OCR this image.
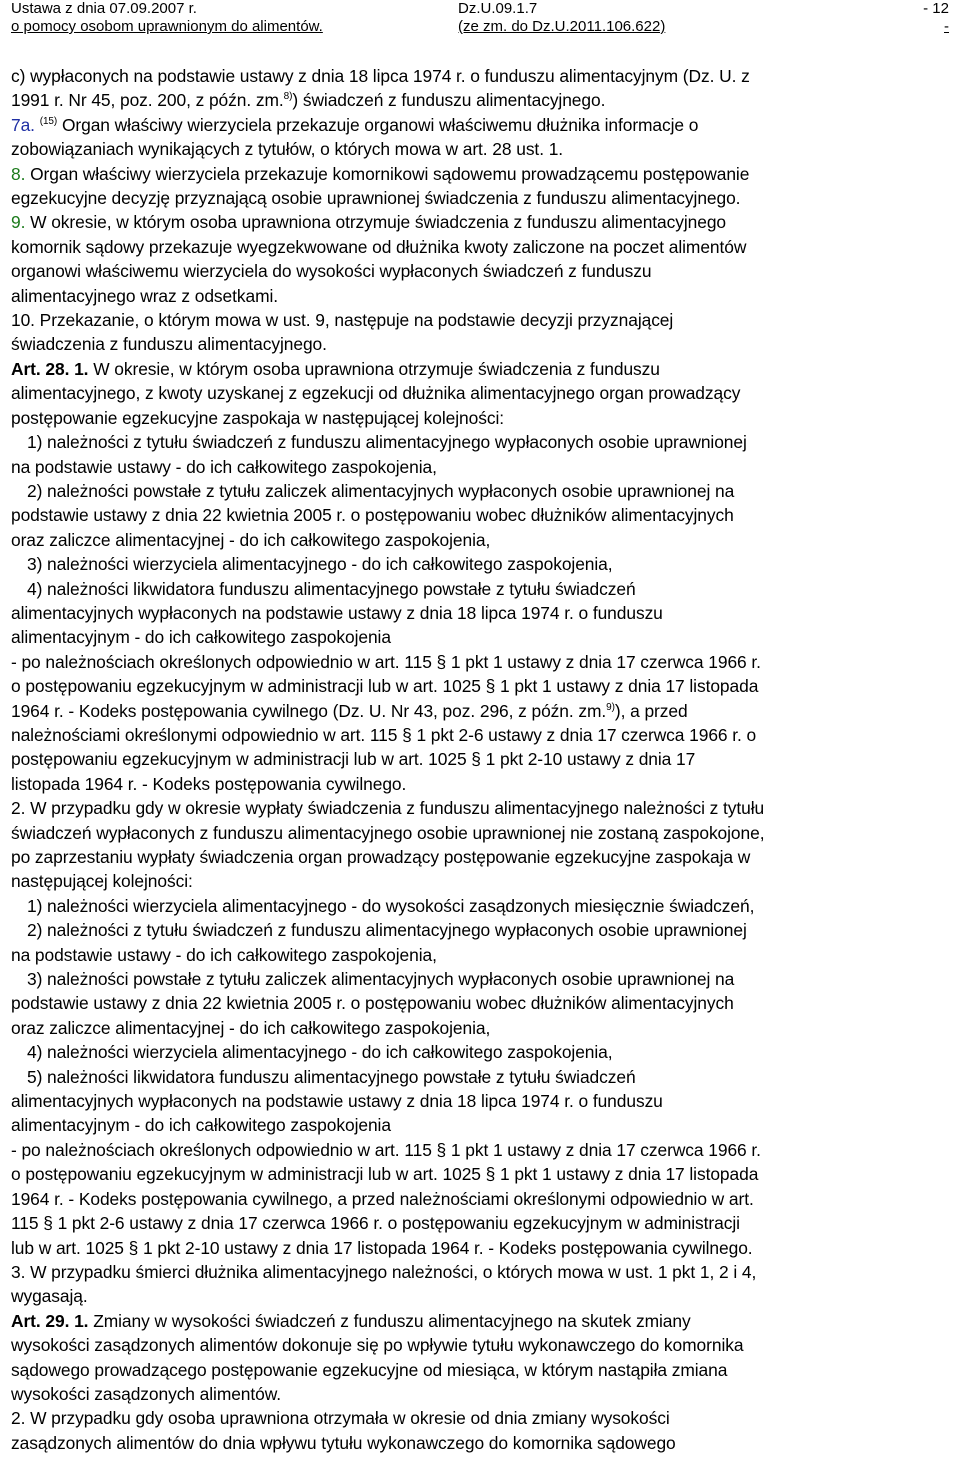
Ustawa z dnia 07.09.2007 r.
o pomocy osobom uprawnionym do alimentów.
Dz.U.09.1.7
(ze zm. do Dz.U.2011.106.622)
- 12
-

c) wypłaconych na podstawie ustawy z dnia 18 lipca 1974 r. o funduszu alimentacyjnym (Dz. U. z

1991 r. Nr 45, poz. 200, z późn. zm.$^{8)}$) świadczeń z funduszu alimentacyjnego.

7a. $^{(15)}$ Organ właściwy wierzyciela przekazuje organowi właściwemu dłużnika informacje o

zobowiązaniach wynikających z tytułów, o których mowa w art. 28 ust. 1.

8. Organ właściwy wierzyciela przekazuje komornikowi sądowemu prowadzącemu postępowanie

egzekucyjne decyzję przyznającą osobie uprawnionej świadczenia z funduszu alimentacyjnego.

9. W okresie, w którym osoba uprawniona otrzymuje świadczenia z funduszu alimentacyjnego

komornik sądowy przekazuje wyegzekwowane od dłużnika kwoty zaliczone na poczet alimentów

organowi właściwemu wierzyciela do wysokości wypłaconych świadczeń z funduszu

alimentacyjnego wraz z odsetkami.

10. Przekazanie, o którym mowa w ust. 9, następuje na podstawie decyzji przyznającej

świadczenia z funduszu alimentacyjnego.

Art. 28. 1. W okresie, w którym osoba uprawniona otrzymuje świadczenia z funduszu

alimentacyjnego, z kwoty uzyskanej z egzekucji od dłużnika alimentacyjnego organ prowadzący

postępowanie egzekucyjne zaspokaja w następującej kolejności:

1) należności z tytułu świadczeń z funduszu alimentacyjnego wypłaconych osobie uprawnionej

na podstawie ustawy - do ich całkowitego zaspokojenia,

2) należności powstałe z tytułu zaliczek alimentacyjnych wypłaconych osobie uprawnionej na

podstawie ustawy z dnia 22 kwietnia 2005 r. o postępowaniu wobec dłużników alimentacyjnych

oraz zaliczce alimentacyjnej - do ich całkowitego zaspokojenia,

3) należności wierzyciela alimentacyjnego - do ich całkowitego zaspokojenia,

4) należności likwidatora funduszu alimentacyjnego powstałe z tytułu świadczeń

alimentacyjnych wypłaconych na podstawie ustawy z dnia 18 lipca 1974 r. o funduszu

alimentacyjnym - do ich całkowitego zaspokojenia

- po należnościach określonych odpowiednio w art. 115 § 1 pkt 1 ustawy z dnia 17 czerwca 1966 r.

o postępowaniu egzekucyjnym w administracji lub w art. 1025 § 1 pkt 1 ustawy z dnia 17 listopada

1964 r. - Kodeks postępowania cywilnego (Dz. U. Nr 43, poz. 296, z późn. zm.$^{9)}$), a przed

należnościami określonymi odpowiednio w art. 115 § 1 pkt 2-6 ustawy z dnia 17 czerwca 1966 r. o

postępowaniu egzekucyjnym w administracji lub w art. 1025 § 1 pkt 2-10 ustawy z dnia 17

listopada 1964 r. - Kodeks postępowania cywilnego.

2. W przypadku gdy w okresie wypłaty świadczenia z funduszu alimentacyjnego należności z tytułu

świadczeń wypłaconych z funduszu alimentacyjnego osobie uprawnionej nie zostaną zaspokojone,

po zaprzestaniu wypłaty świadczenia organ prowadzący postępowanie egzekucyjne zaspokaja w

następującej kolejności:

1) należności wierzyciela alimentacyjnego - do wysokości zasądzonych miesięcznie świadczeń,

2) należności z tytułu świadczeń z funduszu alimentacyjnego wypłaconych osobie uprawnionej

na podstawie ustawy - do ich całkowitego zaspokojenia,

3) należności powstałe z tytułu zaliczek alimentacyjnych wypłaconych osobie uprawnionej na

podstawie ustawy z dnia 22 kwietnia 2005 r. o postępowaniu wobec dłużników alimentacyjnych

oraz zaliczce alimentacyjnej - do ich całkowitego zaspokojenia,

4) należności wierzyciela alimentacyjnego - do ich całkowitego zaspokojenia,

5) należności likwidatora funduszu alimentacyjnego powstałe z tytułu świadczeń

alimentacyjnych wypłaconych na podstawie ustawy z dnia 18 lipca 1974 r. o funduszu

alimentacyjnym - do ich całkowitego zaspokojenia

- po należnościach określonych odpowiednio w art. 115 § 1 pkt 1 ustawy z dnia 17 czerwca 1966 r.

o postępowaniu egzekucyjnym w administracji lub w art. 1025 § 1 pkt 1 ustawy z dnia 17 listopada

1964 r. - Kodeks postępowania cywilnego, a przed należnościami określonymi odpowiednio w art.

115 § 1 pkt 2-6 ustawy z dnia 17 czerwca 1966 r. o postępowaniu egzekucyjnym w administracji

lub w art. 1025 § 1 pkt 2-10 ustawy z dnia 17 listopada 1964 r. - Kodeks postępowania cywilnego.

3. W przypadku śmierci dłużnika alimentacyjnego należności, o których mowa w ust. 1 pkt 1, 2 i 4,

wygasają.

Art. 29. 1. Zmiany w wysokości świadczeń z funduszu alimentacyjnego na skutek zmiany

wysokości zasądzonych alimentów dokonuje się po wpływie tytułu wykonawczego do komornika

sądowego prowadzącego postępowanie egzekucyjne od miesiąca, w którym nastąpiła zmiana

wysokości zasądzonych alimentów.

2. W przypadku gdy osoba uprawniona otrzymała w okresie od dnia zmiany wysokości

zasądzonych alimentów do dnia wpływu tytułu wykonawczego do komornika sądowego
